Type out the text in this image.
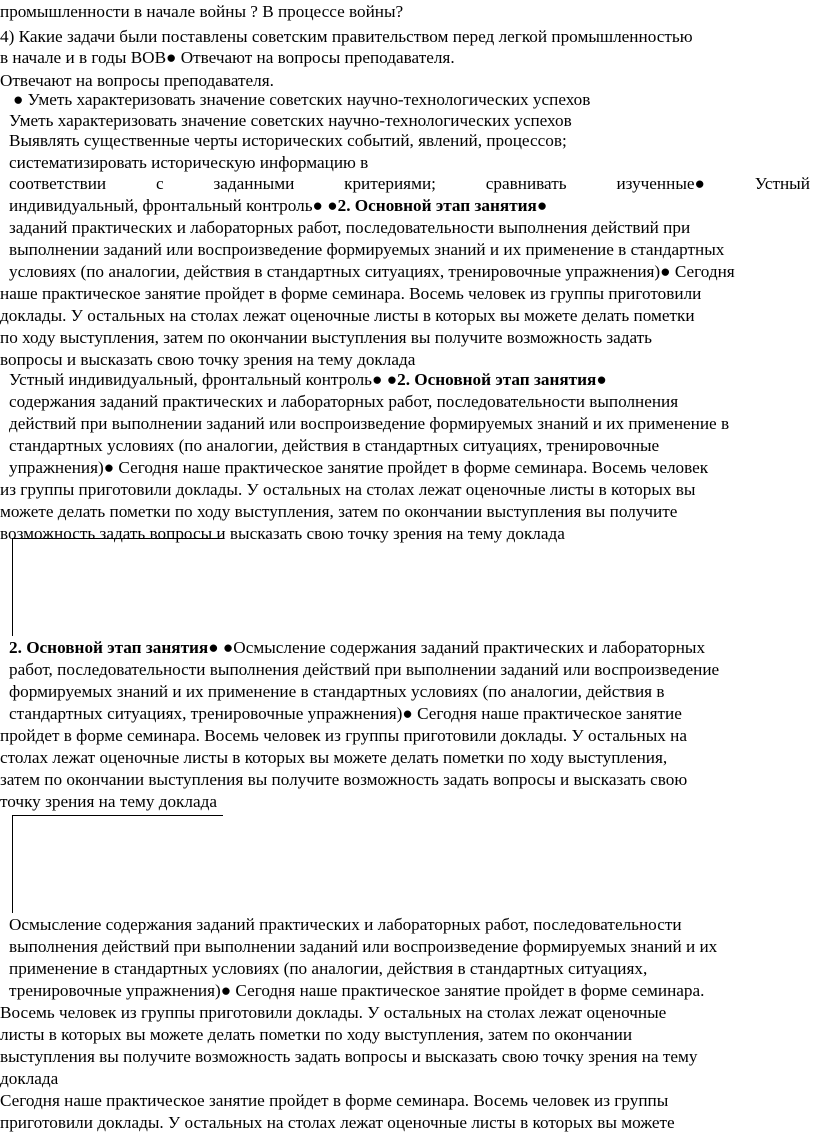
промышленности в начале войны ? В процессе войны?
4) Какие задачи были поставлены советским правительством перед легкой промышленностью
в начале и в годы ВОВ● Отвечают на вопросы преподавателя.
Отвечают на вопросы преподавателя.
● Уметь характеризовать значение советских научно-технологических успехов
Уметь характеризовать значение советских научно-технологических успехов
Выявлять существенные черты исторических событий, явлений, процессов;
систематизировать историческую информацию в
соответствии	с	заданными	критериями;	сравнивать	изученные●	Устный
индивидуальный, фронтальный контроль● ●2. Основной этап занятия●
заданий практических и лабораторных работ, последовательности выполнения действий при
выполнении заданий или воспроизведение формируемых знаний и их применение в стандартных
условиях (по аналогии, действия в стандартных ситуациях, тренировочные упражнения)● Сегодня
наше практическое занятие пройдет в форме семинара. Восемь человек из группы приготовили
доклады. У остальных на столах лежат оценочные листы в которых вы можете делать пометки
по ходу выступления, затем по окончании выступления вы получите возможность задать
вопросы и высказать свою точку зрения на тему доклада
Устный индивидуальный, фронтальный контроль● ●2. Основной этап занятия●
содержания заданий практических и лабораторных работ, последовательности выполнения
действий при выполнении заданий или воспроизведение формируемых знаний и их применение в
стандартных условиях (по аналогии, действия в стандартных ситуациях, тренировочные
упражнения)● Сегодня наше практическое занятие пройдет в форме семинара. Восемь человек
из группы приготовили доклады. У остальных на столах лежат оценочные листы в которых вы
можете делать пометки по ходу выступления, затем по окончании выступления вы получите
возможность задать вопросы и высказать свою точку зрения на тему доклада
2. Основной этап занятия● ●Осмысление содержания заданий практических и лабораторных
работ, последовательности выполнения действий при выполнении заданий или воспроизведение
формируемых знаний и их применение в стандартных условиях (по аналогии, действия в
стандартных ситуациях, тренировочные упражнения)● Сегодня наше практическое занятие
пройдет в форме семинара. Восемь человек из группы приготовили доклады. У остальных на
столах лежат оценочные листы в которых вы можете делать пометки по ходу выступления,
затем по окончании выступления вы получите возможность задать вопросы и высказать свою
точку зрения на тему доклада
Осмысление содержания заданий практических и лабораторных работ, последовательности
выполнения действий при выполнении заданий или воспроизведение формируемых знаний и их
применение в стандартных условиях (по аналогии, действия в стандартных ситуациях,
тренировочные упражнения)● Сегодня наше практическое занятие пройдет в форме семинара.
Восемь человек из группы приготовили доклады. У остальных на столах лежат оценочные
листы в которых вы можете делать пометки по ходу выступления, затем по окончании
выступления вы получите возможность задать вопросы и высказать свою точку зрения на тему
доклада
Сегодня наше практическое занятие пройдет в форме семинара. Восемь человек из группы
приготовили доклады. У остальных на столах лежат оценочные листы в которых вы можете
